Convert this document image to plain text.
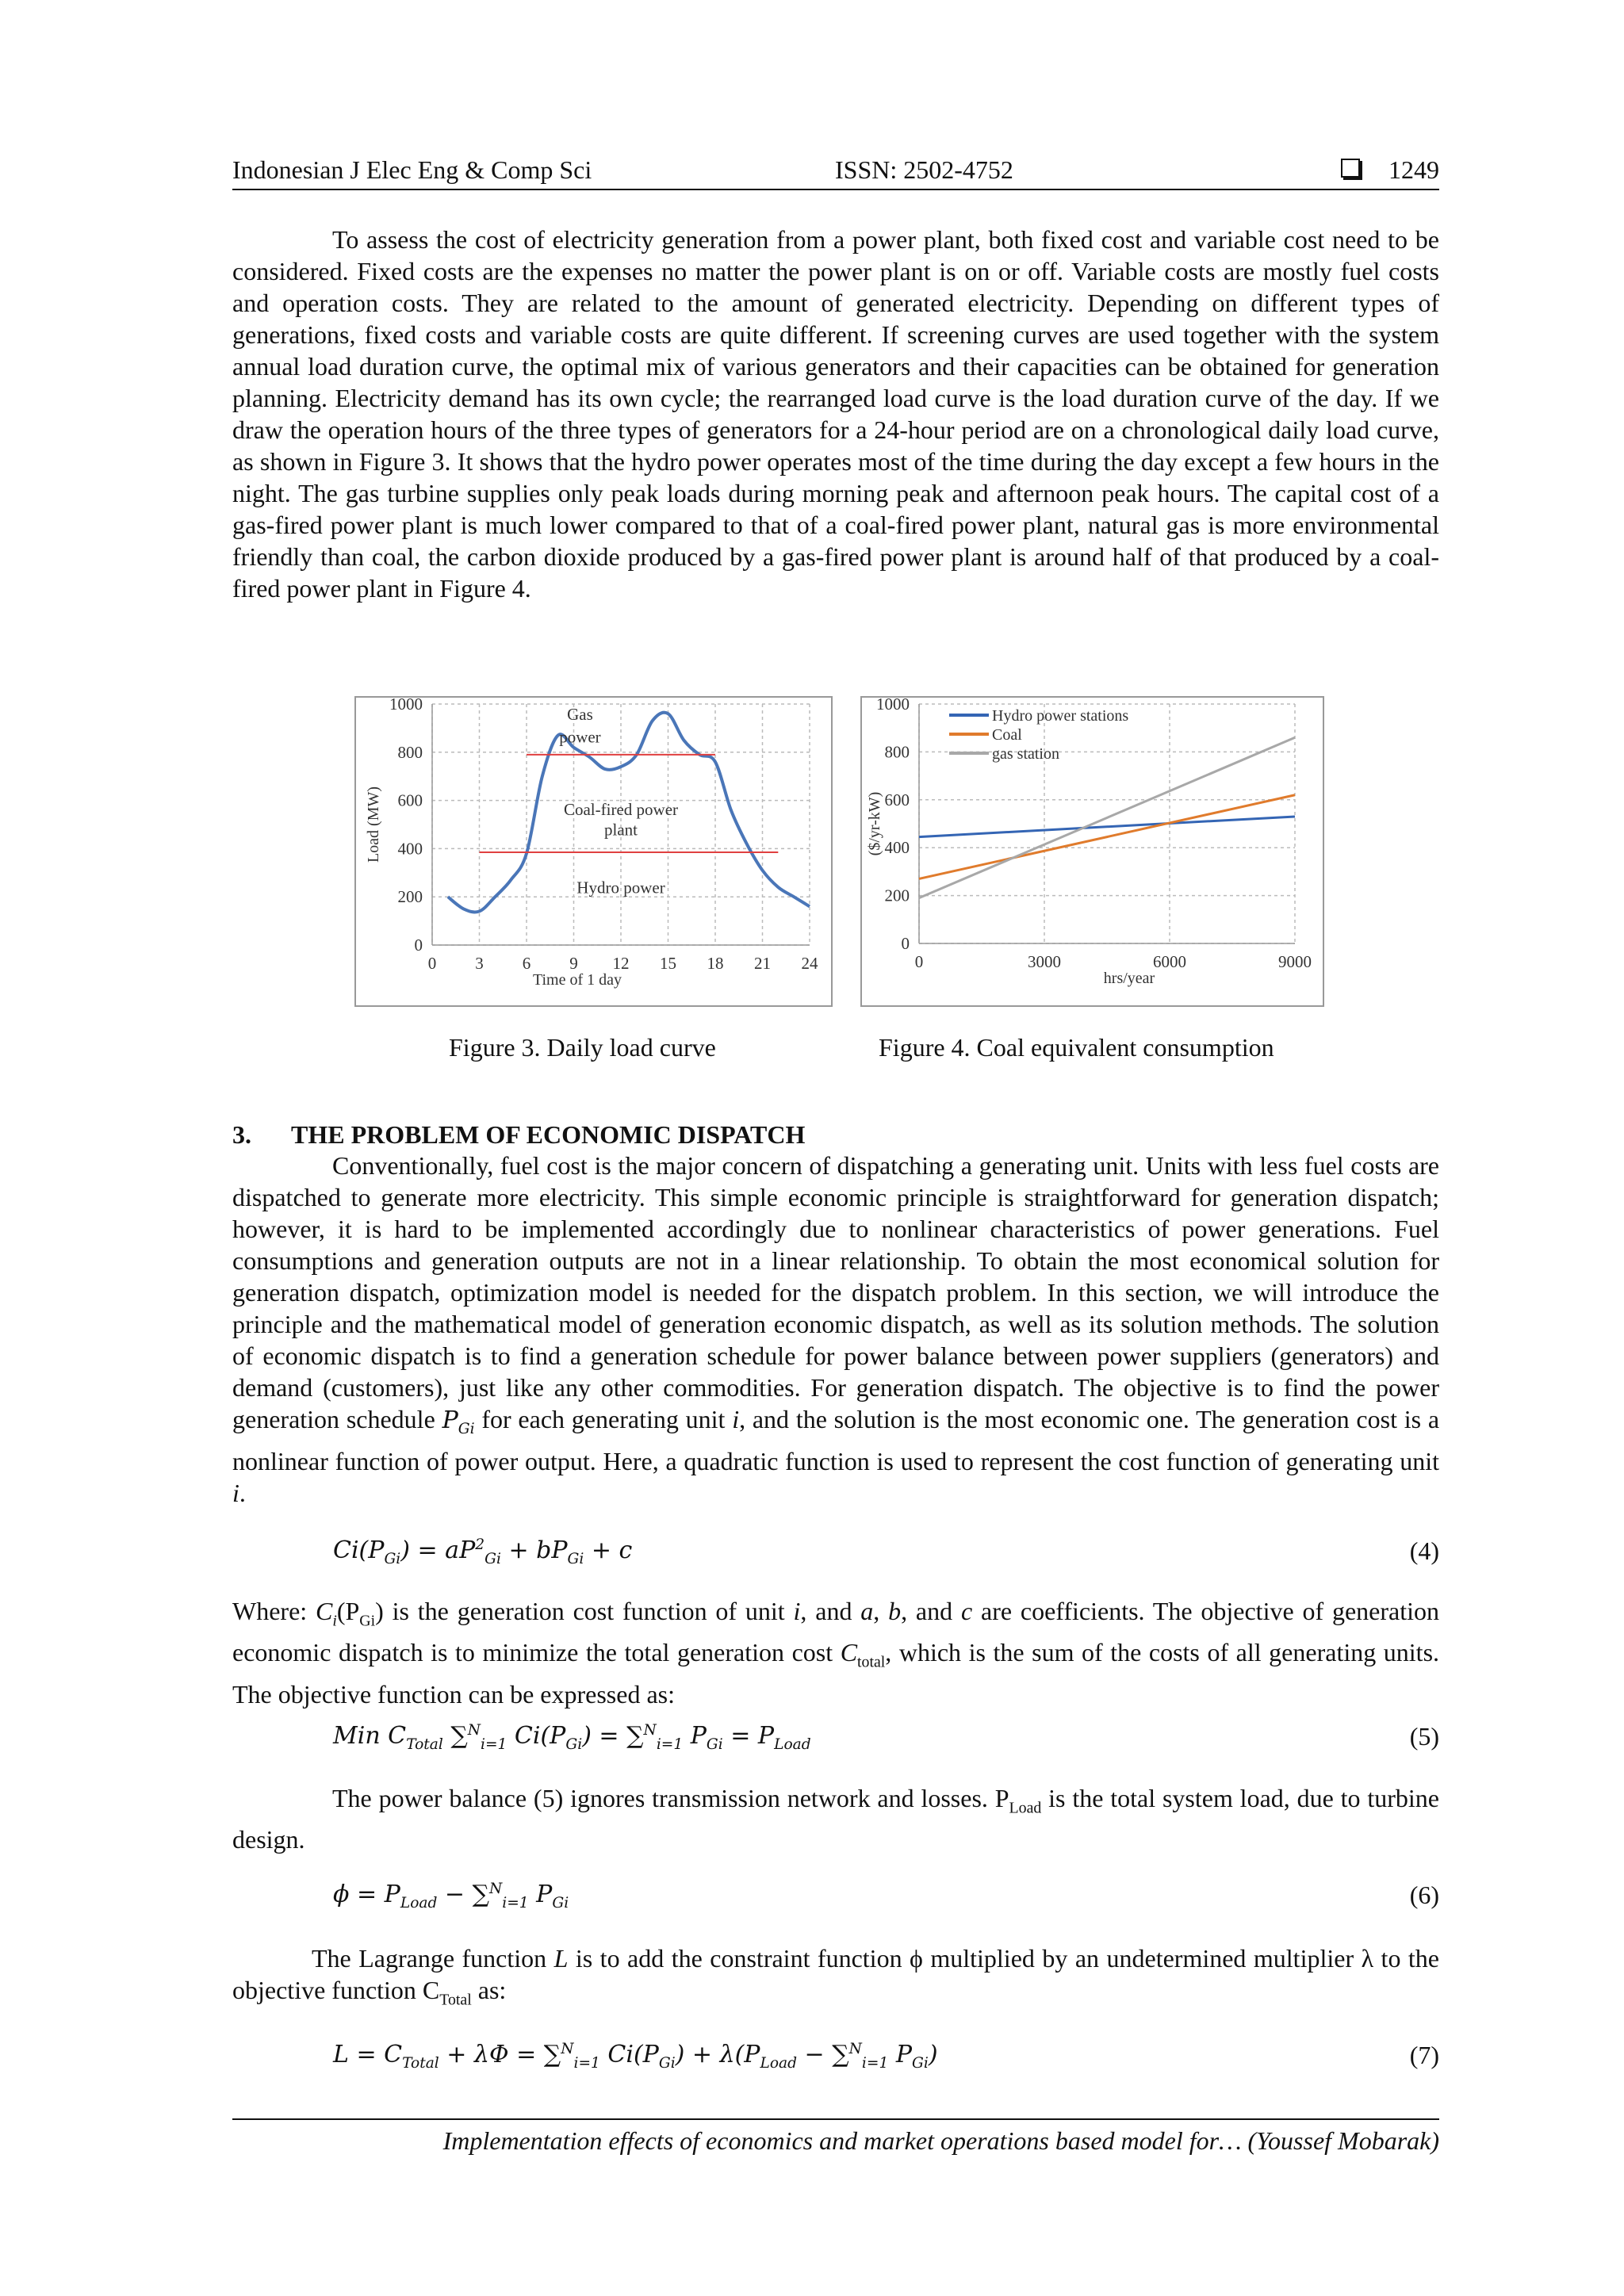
Indonesian J Elec Eng & Comp Sci	ISSN: 2502-4752	1249

To assess the cost of electricity generation from a power plant, both fixed cost and variable cost need to be considered. Fixed costs are the expenses no matter the power plant is on or off. Variable costs are mostly fuel costs and operation costs. They are related to the amount of generated electricity. Depending on different types of generations, fixed costs and variable costs are quite different. If screening curves are used together with the system annual load duration curve, the optimal mix of various generators and their capacities can be obtained for generation planning. Electricity demand has its own cycle; the rearranged load curve is the load duration curve of the day. If we draw the operation hours of the three types of generators for a 24-hour period are on a chronological daily load curve, as shown in Figure 3. It shows that the hydro power operates most of the time during the day except a few hours in the night. The gas turbine supplies only peak loads during morning peak and afternoon peak hours. The capital cost of a gas-fired power plant is much lower compared to that of a coal-fired power plant, natural gas is more environmental friendly than coal, the carbon dioxide produced by a gas-fired power plant is around half of that produced by a coal-fired power plant in Figure 4.

0
200
400
600
800
1000
0 3 6 9 12 15 18 21 24
Time of 1 day
Load (MW)
Gas
power
Coal-fired power
plant
Hydro power
0
200
400
600
800
1000
0	3000	6000	9000
hrs/year
($/yr-kW)
Hydro power stations
Coal
gas station
Figure 3. Daily load curve	Figure 4. Coal equivalent consumption
3. THE PROBLEM OF ECONOMIC DISPATCH

Conventionally, fuel cost is the major concern of dispatching a generating unit. Units with less fuel costs are dispatched to generate more electricity. This simple economic principle is straightforward for generation dispatch; however, it is hard to be implemented accordingly due to nonlinear characteristics of power generations. Fuel consumptions and generation outputs are not in a linear relationship. To obtain the most economical solution for generation dispatch, optimization model is needed for the dispatch problem. In this section, we will introduce the principle and the mathematical model of generation economic dispatch, as well as its solution methods. The solution of economic dispatch is to find a generation schedule for power balance between power suppliers (generators) and demand (customers), just like any other commodities. For generation dispatch. The objective is to find the power generation schedule $P_{Gi}$ for each generating unit i, and the solution is the most economic one. The generation cost is a nonlinear function of power output. Here, a quadratic function is used to represent the cost function of generating unit i.

$Ci(P_{Gi}) = aP^2_{Gi} + bP_{Gi} + c$	(4)

Where: $C_i(P_{Gi})$ is the generation cost function of unit i, and a, b, and c are coefficients. The objective of generation economic dispatch is to minimize the total generation cost $C_{total}$, which is the sum of the costs of all generating units. The objective function can be expressed as:

Min $C_{Total}$ ∑$^N_{i=1}$ $Ci(P_{Gi}) = \sum^N_{i=1}$ $P_{Gi} = P_{Load}$	(5)

The power balance (5) ignores transmission network and losses. $P_{Load}$ is the total system load, due to turbine design.

$\phi = P_{Load} - \sum^N_{i=1}$ $P_{Gi}$	(6)

The Lagrange function L is to add the constraint function ϕ multiplied by an undetermined multiplier λ to the objective function $C_{Total}$ as:

$L = C_{Total} + \lambda\Phi = \sum^N_{i=1}$ $Ci(P_{Gi}) + \lambda(P_{Load} - \sum^N_{i=1}$ $P_{Gi}$)	(7)
Implementation effects of economics and market operations based model for… (Youssef Mobarak)
